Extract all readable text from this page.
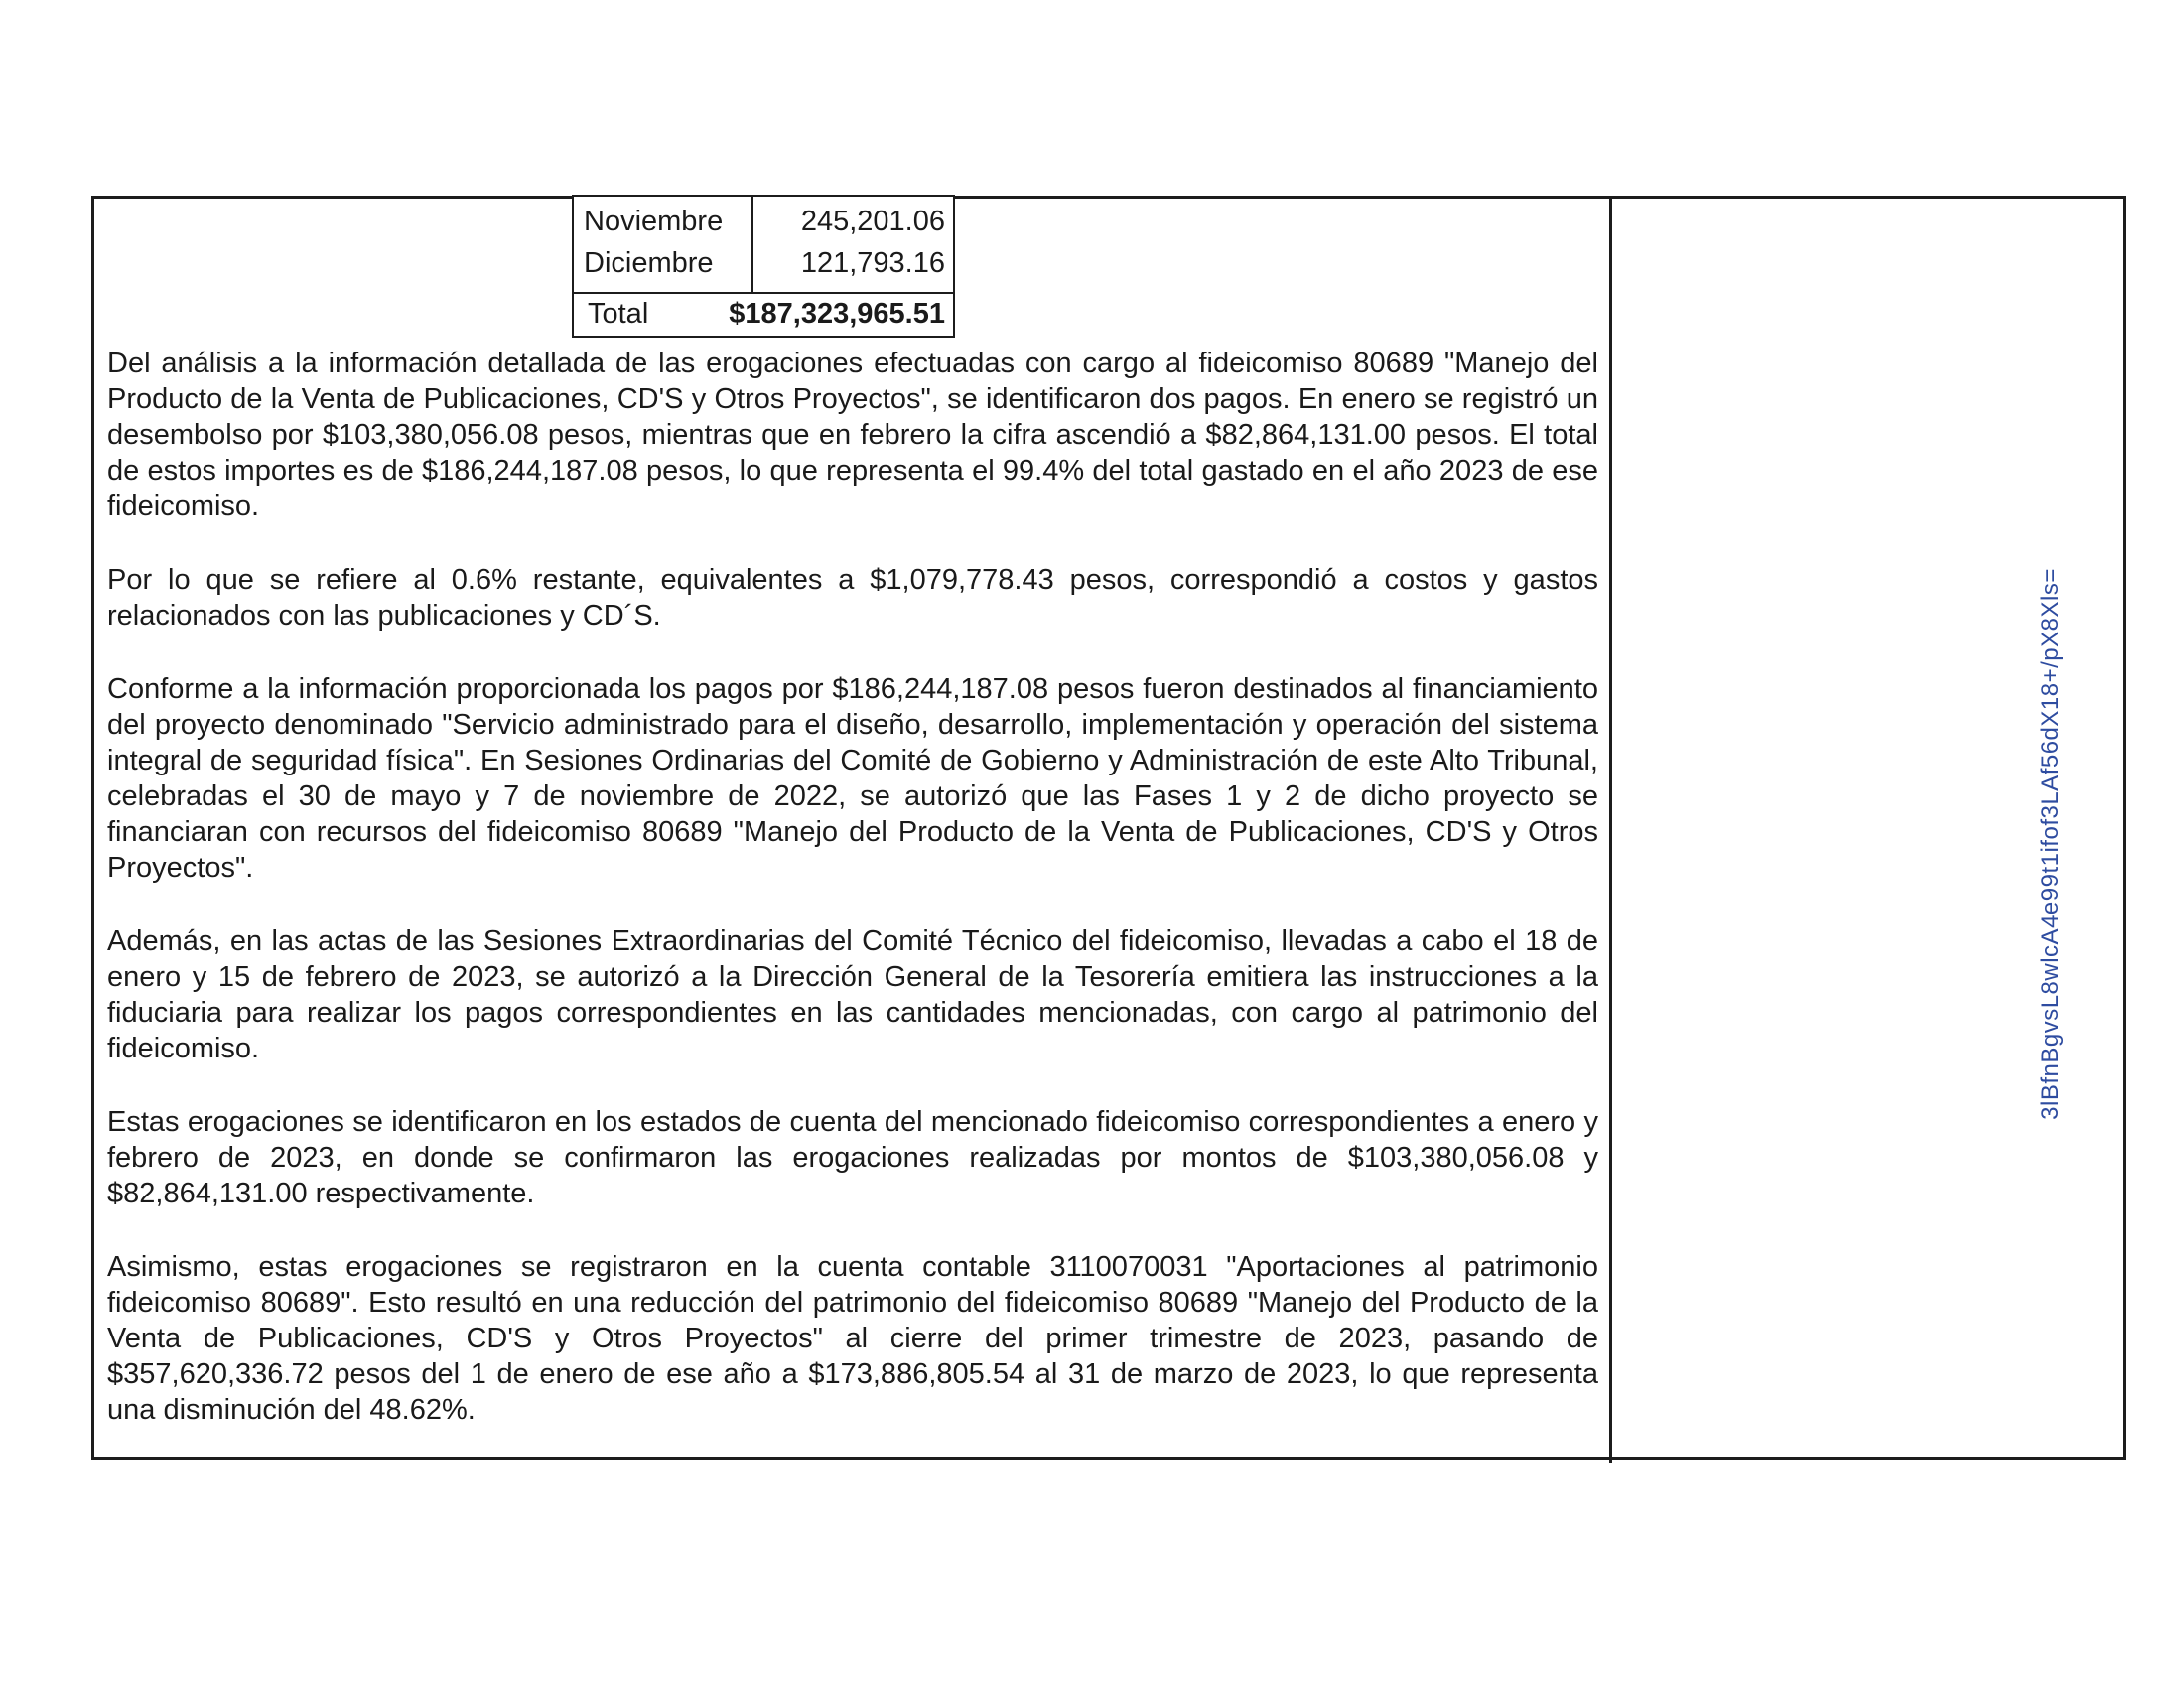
Noviembre
Diciembre
245,201.06
121,793.16
Total	$187,323,965.51

Del análisis a la información detallada de las erogaciones efectuadas con cargo al fideicomiso 80689 "Manejo del Producto de la Venta de Publicaciones, CD'S y Otros Proyectos", se identificaron dos pagos. En enero se registró un desembolso por $103,380,056.08 pesos, mientras que en febrero la cifra ascendió a $82,864,131.00 pesos. El total de estos importes es de $186,244,187.08 pesos, lo que representa el 99.4% del total gastado en el año 2023 de ese fideicomiso.

Por lo que se refiere al 0.6% restante, equivalentes a $1,079,778.43 pesos, correspondió a costos y gastos relacionados con las publicaciones y CD´S.

Conforme a la información proporcionada los pagos por $186,244,187.08 pesos fueron destinados al financiamiento del proyecto denominado "Servicio administrado para el diseño, desarrollo, implementación y operación del sistema integral de seguridad física". En Sesiones Ordinarias del Comité de Gobierno y Administración de este Alto Tribunal, celebradas el 30 de mayo y 7 de noviembre de 2022, se autorizó que las Fases 1 y 2 de dicho proyecto se financiaran con recursos del fideicomiso 80689 "Manejo del Producto de la Venta de Publicaciones, CD'S y Otros Proyectos".

Además, en las actas de las Sesiones Extraordinarias del Comité Técnico del fideicomiso, llevadas a cabo el 18 de enero y 15 de febrero de 2023, se autorizó a la Dirección General de la Tesorería emitiera las instrucciones a la fiduciaria para realizar los pagos correspondientes en las cantidades mencionadas, con cargo al patrimonio del fideicomiso.

Estas erogaciones se identificaron en los estados de cuenta del mencionado fideicomiso correspondientes a enero y febrero de 2023, en donde se confirmaron las erogaciones realizadas por montos de $103,380,056.08 y $82,864,131.00 respectivamente.

Asimismo, estas erogaciones se registraron en la cuenta contable 3110070031 "Aportaciones al patrimonio fideicomiso 80689". Esto resultó en una reducción del patrimonio del fideicomiso 80689 "Manejo del Producto de la Venta de Publicaciones, CD'S y Otros Proyectos" al cierre del primer trimestre de 2023, pasando de $357,620,336.72 pesos del 1 de enero de ese año a $173,886,805.54 al 31 de marzo de 2023, lo que representa una disminución del 48.62%.

3lBfnBgvsL8wlcA4e99t1ifof3LAf56dX18+/pX8Xls=
